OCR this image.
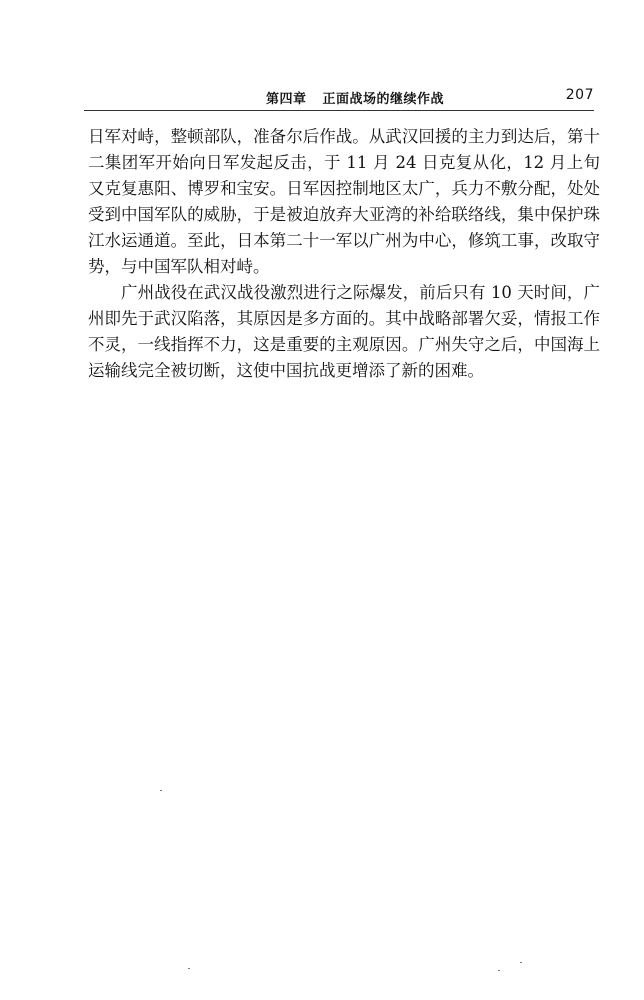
第四章 正面战场的继续作战	207

日军对峙，整顿部队，准备尔后作战。从武汉回援的主力到达后，第十二集团军开始向日军发起反击，于 11 月 24 日克复从化，12 月上旬又克复惠阳、博罗和宝安。日军因控制地区太广，兵力不敷分配，处处受到中国军队的威胁，于是被迫放弃大亚湾的补给联络线，集中保护珠江水运通道。至此，日本第二十一军以广州为中心，修筑工事，改取守势，与中国军队相对峙。

广州战役在武汉战役激烈进行之际爆发，前后只有 10 天时间，广州即先于武汉陷落，其原因是多方面的。其中战略部署欠妥，情报工作不灵，一线指挥不力，这是重要的主观原因。广州失守之后，中国海上运输线完全被切断，这使中国抗战更增添了新的困难。
